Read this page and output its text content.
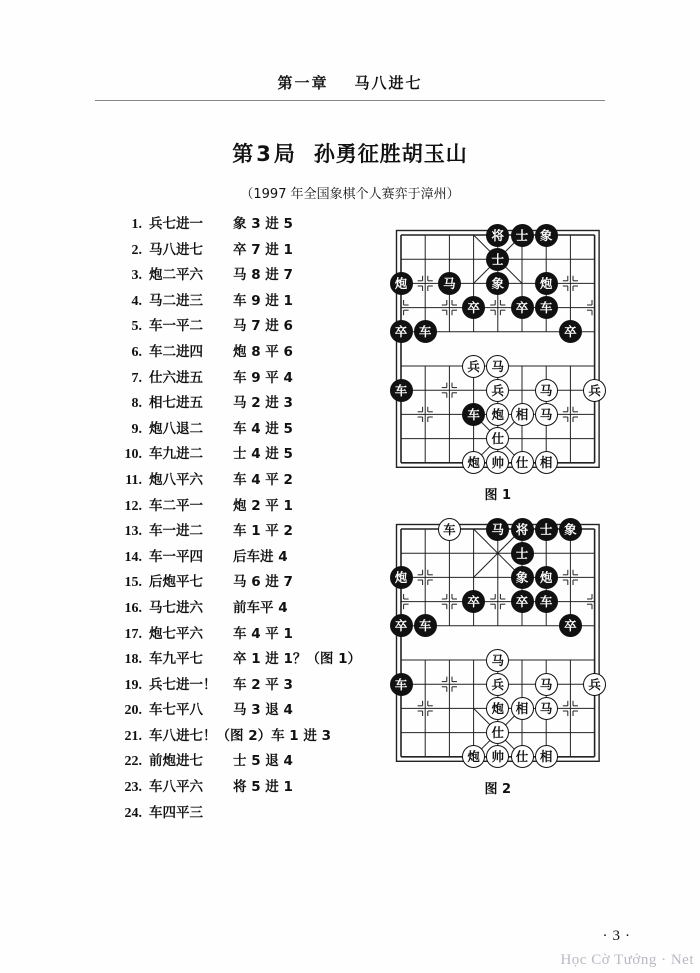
第一章 马八进七
第3局 孙勇征胜胡玉山
（1997 年全国象棋个人赛弈于漳州）
1. 兵七进一	象 3 进 5
2. 马八进七	卒 7 进 1
3. 炮二平六	马 8 进 7
4. 马二进三	车 9 进 1
5. 车一平二	马 7 进 6
6. 车二进四	炮 8 平 6
7. 仕六进五	车 9 平 4
8. 相七进五	马 2 进 3
9. 炮八退二	车 4 进 5
10. 车九进二	士 4 进 5
11. 炮八平六	车 4 平 2
12. 车二平一	炮 2 平 1
13. 车一进二	车 1 平 2
14. 车一平四	后车进 4
15. 后炮平七	马 6 进 7
16. 马七进六	前车平 4
17. 炮七平六	车 4 平 1
18. 车九平七	卒 1 进 1？（图 1）
19. 兵七进一！	车 2 平 3
20. 车七平八	马 3 退 4
21. 车八进七！（图 2） 车 1 进 3
22. 前炮进七	士 5 退 4
23. 车八平六	将 5 进 1
24. 车四平三
将 士 象
士
炮	马	象	炮
卒	卒 车
卒 车	卒
兵 马
车	兵	马	兵
车 炮 相 马
仕
炮 帅 仕 相
图 1
车	马 将 士 象
士
炮	象 炮
卒	卒 车
卒 车	卒
马
车	兵	马	兵
炮 相 马
仕
炮 帅 仕 相
图 2
· 3 ·
Học Cờ Tướng · Net
